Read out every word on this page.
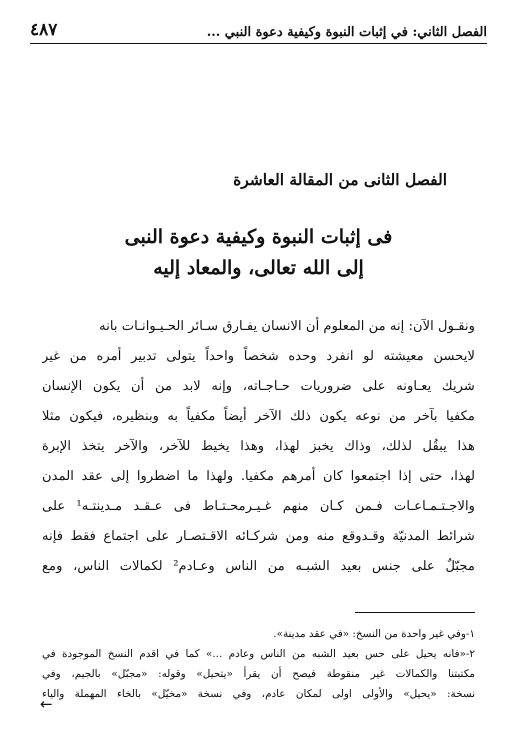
٤٨٧	الفصل الثاني: في إثبات النبوة وكيفية دعوة النبي ...
الفصل الثانى من المقالة العاشرة
فى إثبات النبوة وكيفية دعوة النبى
إلى الله تعالى، والمعاد إليه
ونقـول الآن: إنه من المعلوم أن الانسان يفـارق سـائر الحـيـوانـات بانه
لايحسن معيشته لو انفرد وحده شخصاً واحداً يتولى تدبير أمره من غير
شريك يعـاونه على ضروريات حـاجـاته، وإنه لابد من أن يكون الإنسان
مكفيا بآخر من نوعه يكون ذلك الآخر أيضاً مكفياً به وبنظيره، فيكون مثلا
هذا يبقُل لذلك، وذاك يخبز لهذا، وهذا يخيط للآخر، والآخر يتخذ الإبرة
لهذا، حتى إذا اجتمعوا كان أمرهم مكفيا. ولهذا ما اضطروا إلى عقد المدن
والاجـتـمـاعـات فـمن كـان منهم غـيـرمحـتـاط فى عـقـد مـدينتـه¹ على
شرائط المدنيّة وقـدوقع منه ومن شركـائه الاقـتصـار على اجتماع فقط فإنه
مجبّلٌ على جنس بعيد الشبـه من الناس وعـادم² لكمالات الناس، ومع
١-وفي غير واحدة من النسخ: «في عقد مدينة».
٢-«فانه يحيل على حس بعيد الشبه من الناس وعادم ...» كما في اقدم النسخ الموجودة في
مكتبتنا والكمالات غير منقوطة فيصح أن يقرأ «يتحيل» وقوله: «مجبّل» بالجيم، وفي
نسخة: «يحيل» والأولى اولى لمكان عادم، وفي نسخة «مخيّل» بالخاء المهملة والياء
←
